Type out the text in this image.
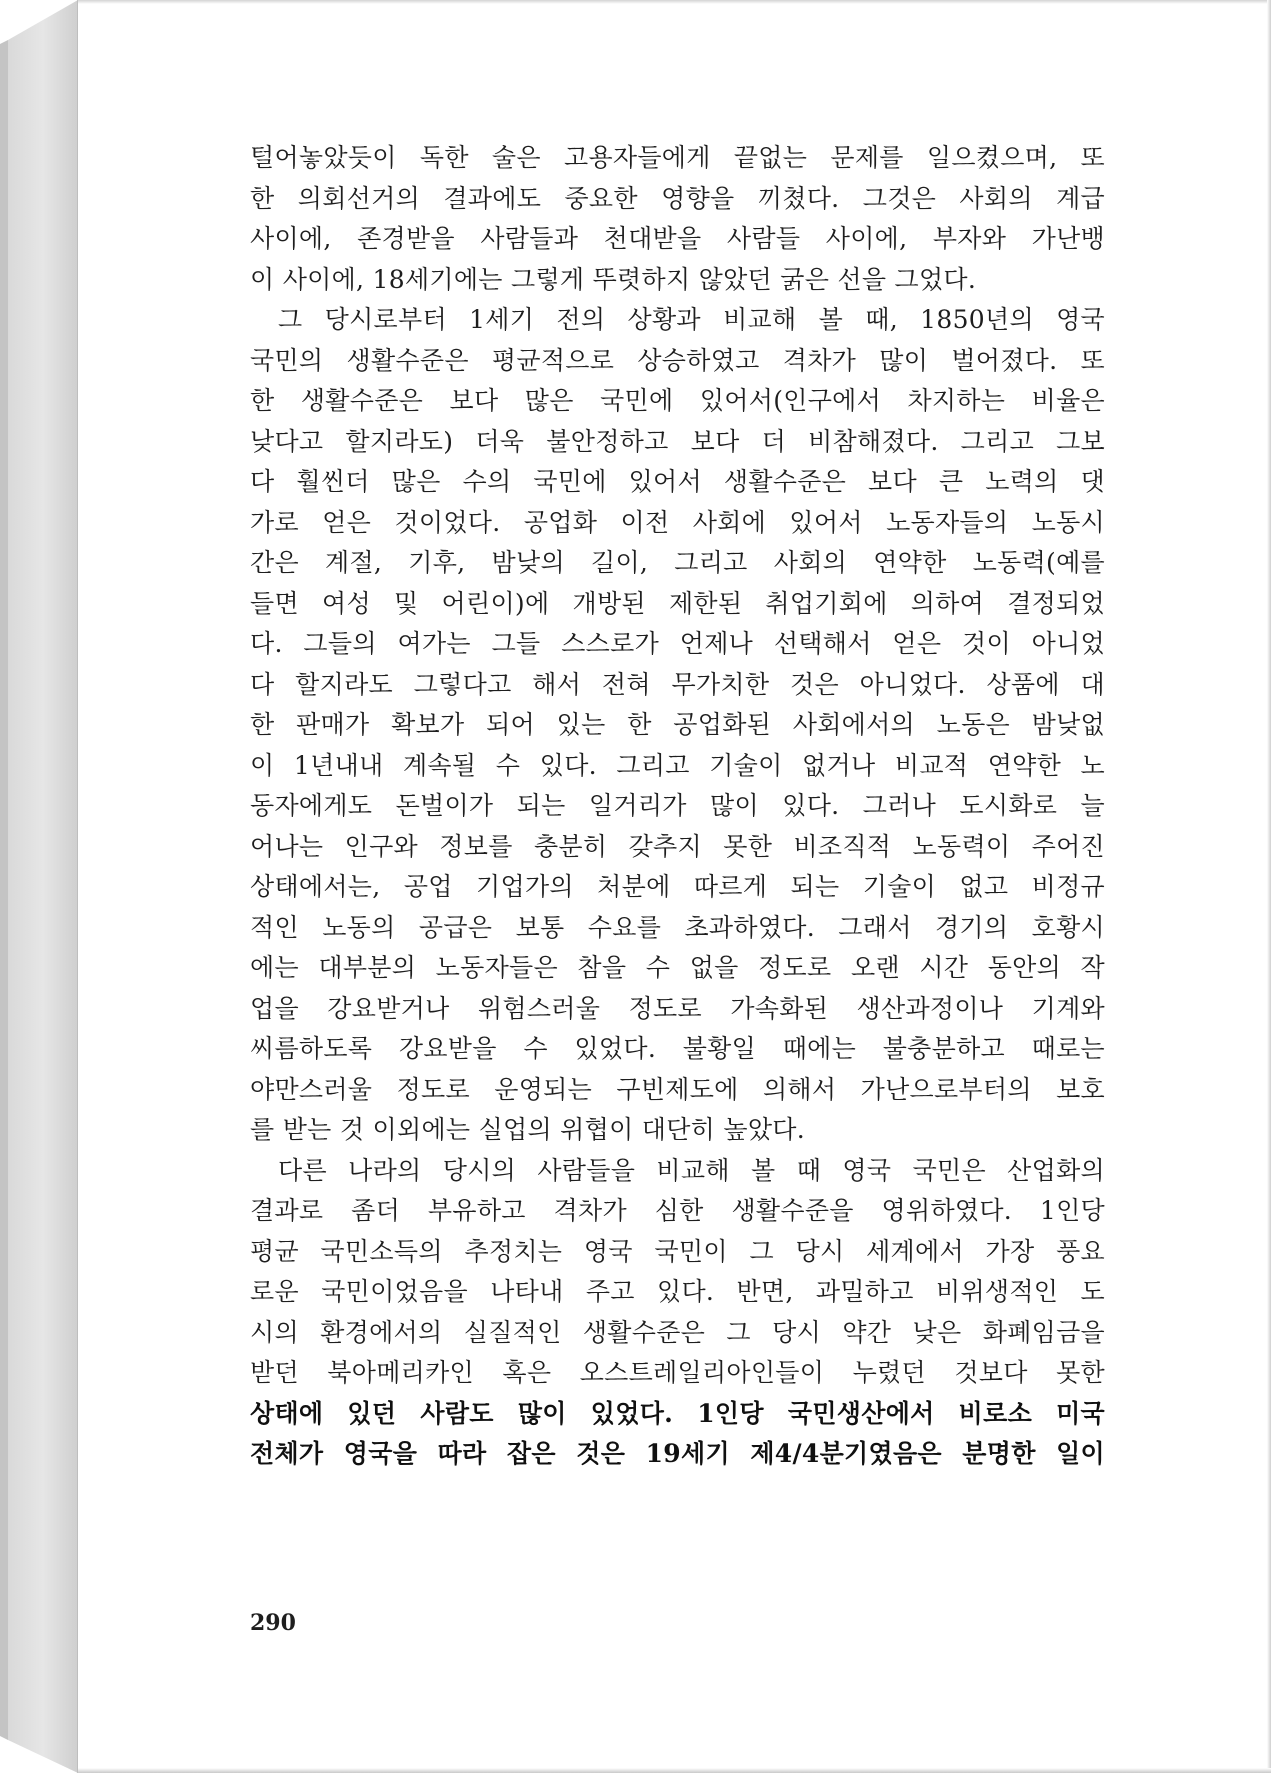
털어놓았듯이 독한 술은 고용자들에게 끝없는 문제를 일으켰으며, 또
한 의회선거의 결과에도 중요한 영향을 끼쳤다. 그것은 사회의 계급
사이에, 존경받을 사람들과 천대받을 사람들 사이에, 부자와 가난뱅
이 사이에, 18세기에는 그렇게 뚜렷하지 않았던 굵은 선을 그었다.
그 당시로부터 1세기 전의 상황과 비교해 볼 때, 1850년의 영국
국민의 생활수준은 평균적으로 상승하였고 격차가 많이 벌어졌다. 또
한 생활수준은 보다 많은 국민에 있어서(인구에서 차지하는 비율은
낮다고 할지라도) 더욱 불안정하고 보다 더 비참해졌다. 그리고 그보
다 훨씬더 많은 수의 국민에 있어서 생활수준은 보다 큰 노력의 댓
가로 얻은 것이었다. 공업화 이전 사회에 있어서 노동자들의 노동시
간은 계절, 기후, 밤낮의 길이, 그리고 사회의 연약한 노동력(예를
들면 여성 및 어린이)에 개방된 제한된 취업기회에 의하여 결정되었
다. 그들의 여가는 그들 스스로가 언제나 선택해서 얻은 것이 아니었
다 할지라도 그렇다고 해서 전혀 무가치한 것은 아니었다. 상품에 대
한 판매가 확보가 되어 있는 한 공업화된 사회에서의 노동은 밤낮없
이 1년내내 계속될 수 있다. 그리고 기술이 없거나 비교적 연약한 노
동자에게도 돈벌이가 되는 일거리가 많이 있다. 그러나 도시화로 늘
어나는 인구와 정보를 충분히 갖추지 못한 비조직적 노동력이 주어진
상태에서는, 공업 기업가의 처분에 따르게 되는 기술이 없고 비정규
적인 노동의 공급은 보통 수요를 초과하였다. 그래서 경기의 호황시
에는 대부분의 노동자들은 참을 수 없을 정도로 오랜 시간 동안의 작
업을 강요받거나 위험스러울 정도로 가속화된 생산과정이나 기계와
씨름하도록 강요받을 수 있었다. 불황일 때에는 불충분하고 때로는
야만스러울 정도로 운영되는 구빈제도에 의해서 가난으로부터의 보호
를 받는 것 이외에는 실업의 위협이 대단히 높았다.
다른 나라의 당시의 사람들을 비교해 볼 때 영국 국민은 산업화의
결과로 좀더 부유하고 격차가 심한 생활수준을 영위하였다. 1인당
평균 국민소득의 추정치는 영국 국민이 그 당시 세계에서 가장 풍요
로운 국민이었음을 나타내 주고 있다. 반면, 과밀하고 비위생적인 도
시의 환경에서의 실질적인 생활수준은 그 당시 약간 낮은 화폐임금을
받던 북아메리카인 혹은 오스트레일리아인들이 누렸던 것보다 못한
상태에 있던 사람도 많이 있었다. 1인당 국민생산에서 비로소 미국
전체가 영국을 따라 잡은 것은 19세기 제4/4분기였음은 분명한 일이
290
